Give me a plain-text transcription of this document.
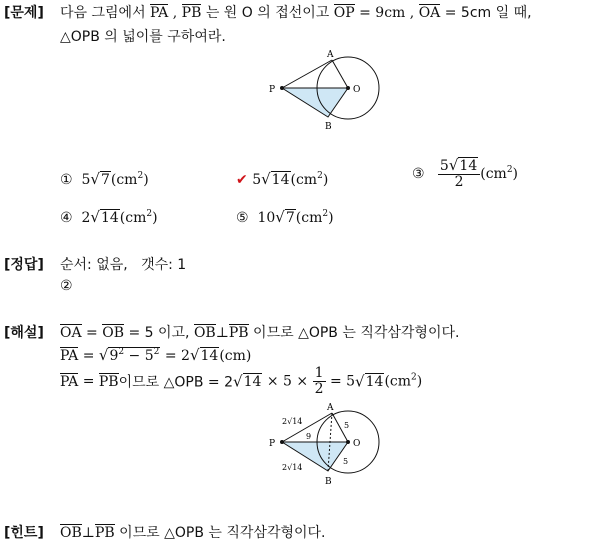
[문제] 다음 그림에서 PA , PB 는 원 O 의 접선이고 OP = 9cm , OA = 5cm 일 때,
△OPB 의 넓이를 구하여라.
A
P	O
B
① $5√7(cm^2)$	✔ $5√14(cm^2)$	③ $\frac{5√14}{2} (cm^2)$
④ $2√14(cm^2)$	⑤ $10√7(cm^2)$
[정답] 순서: 없음, 갯수: 1
②
[해설] OA = OB = 5 이고, OB⊥PB 이므로 △OPB 는 직각삼각형이다.
PA = $√9^2 - 5^2 = 2√14(cm)$
PA = PB이므로 △OPB = $2√14 \times 5 \times \frac{1}{2} = 5√14(cm^2)$
A
P	O
B
2√14
2√14
9
5
5
[힌트] OB⊥PB 이므로 △OPB 는 직각삼각형이다.
